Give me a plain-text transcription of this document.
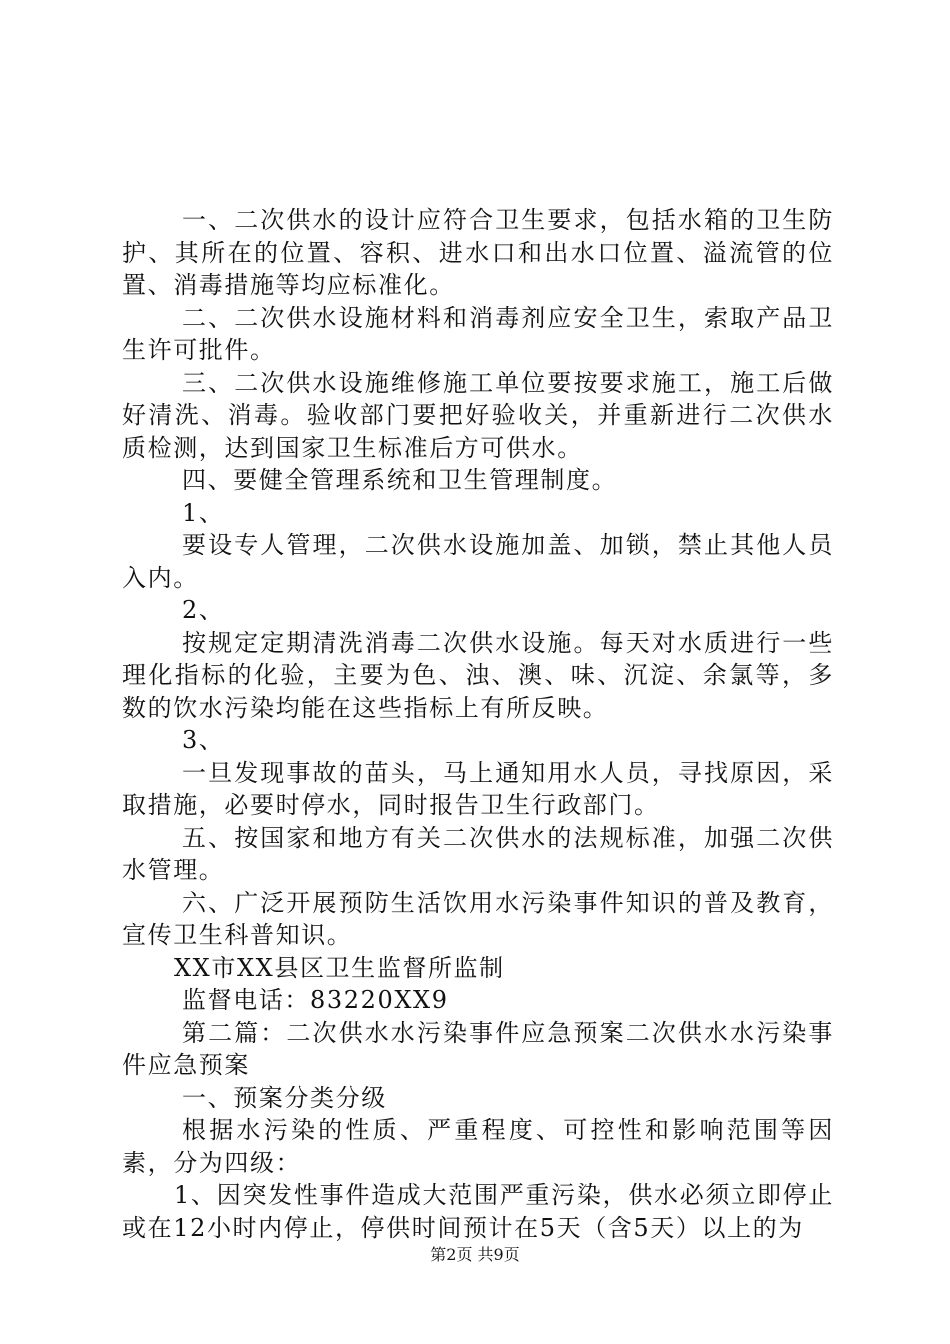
一、二次供水的设计应符合卫生要求，包括水箱的卫生防护、其所在的位置、容积、进水口和出水口位置、溢流管的位置、消毒措施等均应标准化。

二、二次供水设施材料和消毒剂应安全卫生，索取产品卫生许可批件。

三、二次供水设施维修施工单位要按要求施工，施工后做好清洗、消毒。验收部门要把好验收关，并重新进行二次供水质检测，达到国家卫生标准后方可供水。

四、要健全管理系统和卫生管理制度。

1、

要设专人管理，二次供水设施加盖、加锁，禁止其他人员入内。

2、

按规定定期清洗消毒二次供水设施。每天对水质进行一些理化指标的化验，主要为色、浊、澳、味、沉淀、余氯等，多数的饮水污染均能在这些指标上有所反映。

3、

一旦发现事故的苗头，马上通知用水人员，寻找原因，采取措施，必要时停水，同时报告卫生行政部门。

五、按国家和地方有关二次供水的法规标准，加强二次供水管理。

六、广泛开展预防生活饮用水污染事件知识的普及教育，宣传卫生科普知识。

XX市XX县区卫生监督所监制

监督电话：83220XX9

第二篇：二次供水水污染事件应急预案二次供水水污染事件应急预案

一、预案分类分级

根据水污染的性质、严重程度、可控性和影响范围等因素，分为四级：

1、因突发性事件造成大范围严重污染，供水必须立即停止或在12小时内停止，停供时间预计在5天（含5天）以上的为

第2页 共9页
